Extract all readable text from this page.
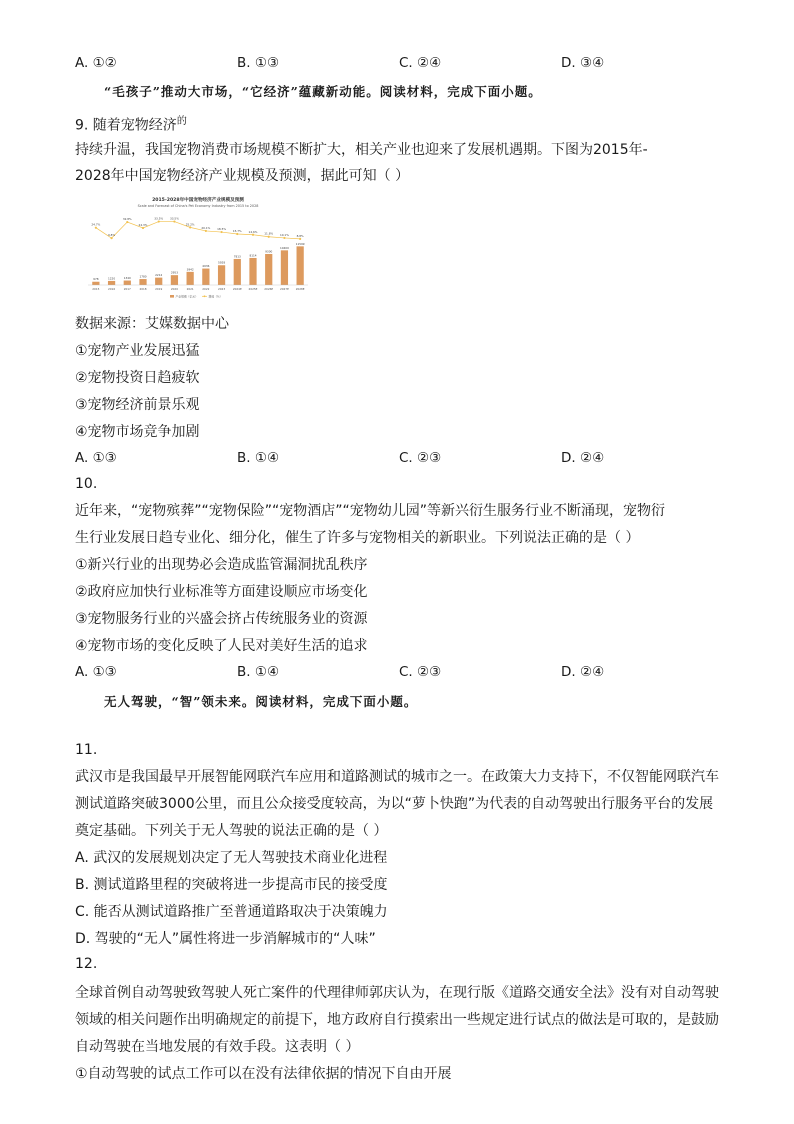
A. ①②	B. ①③	C. ②④	D. ③④
“毛孩子”推动大市场，“它经济”蕴藏新动能。阅读材料，完成下面小题。
9. 随着宠物经济$^的$
持续升温，我国宠物消费市场规模不断扩大，相关产业也迎来了发展机遇期。下图为2015年-
2028年中国宠物经济产业规模及预测，据此可知（ ）
2015-2028年中国宠物经济产业规模及预测
Scale and Forecast of China's Pet Economy Industry from 2015 to 2028
978	1220	1340	1780	2212
2953
3942
4936
5928
7813	8114
9300
10400
11599
24.7%
9.8%
32.8%
24.3%
33.5% 33.5%
25.2%
20.1% 18.5% 15.7% 14.6% 11.8% 10.1%	8.8%
2015	2016	2017	2018	2019	2020	2021	2022	2023	2024E 2025E 2026E 2027E 2028E
产业规模（亿元）	增速（%）
数据来源：艾媒数据中心
①宠物产业发展迅猛
②宠物投资日趋疲软
③宠物经济前景乐观
④宠物市场竞争加剧
A. ①③	B. ①④	C. ②③	D. ②④
10.
近年来，“宠物殡葬”“宠物保险”“宠物酒店”“宠物幼儿园”等新兴衍生服务行业不断涌现，宠物衍
生行业发展日趋专业化、细分化，催生了许多与宠物相关的新职业。下列说法正确的是（ ）
①新兴行业的出现势必会造成监管漏洞扰乱秩序
②政府应加快行业标准等方面建设顺应市场变化
③宠物服务行业的兴盛会挤占传统服务业的资源
④宠物市场的变化反映了人民对美好生活的追求
A. ①③	B. ①④	C. ②③	D. ②④
无人驾驶，“智”领未来。阅读材料，完成下面小题。
11.
武汉市是我国最早开展智能网联汽车应用和道路测试的城市之一。在政策大力支持下，不仅智能网联汽车
测试道路突破3000公里，而且公众接受度较高，为以“萝卜快跑”为代表的自动驾驶出行服务平台的发展
奠定基础。下列关于无人驾驶的说法正确的是（ ）
A. 武汉的发展规划决定了无人驾驶技术商业化进程
B. 测试道路里程的突破将进一步提高市民的接受度
C. 能否从测试道路推广至普通道路取决于决策魄力
D. 驾驶的“无人”属性将进一步消解城市的“人味”
12.
全球首例自动驾驶致驾驶人死亡案件的代理律师郭庆认为，在现行版《道路交通安全法》没有对自动驾驶
领域的相关问题作出明确规定的前提下，地方政府自行摸索出一些规定进行试点的做法是可取的，是鼓励
自动驾驶在当地发展的有效手段。这表明（ ）
①自动驾驶的试点工作可以在没有法律依据的情况下自由开展
